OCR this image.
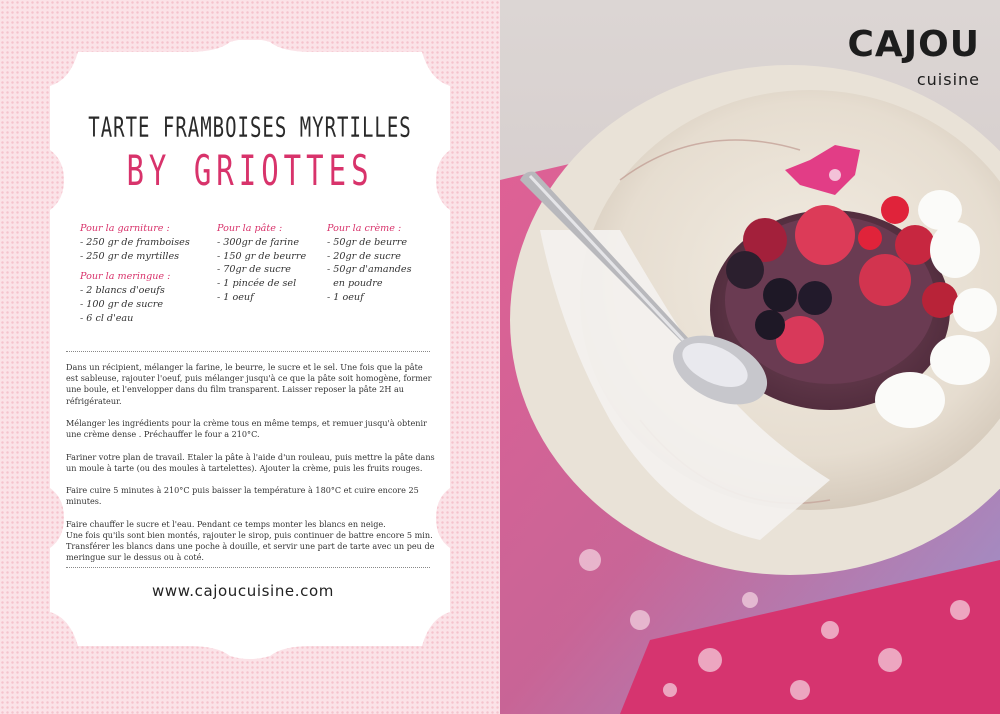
TARTE FRAMBOISES MYRTILLES
BY GRIOTTES
Pour la garniture :
- 250 gr de framboises
- 250 gr de myrtilles
Pour la meringue :
- 2 blancs d'oeufs
- 100 gr de sucre
- 6 cl d'eau
Pour la pâte :
- 300gr de farine
- 150 gr de beurre
- 70gr de sucre
- 1 pincée de sel
- 1 oeuf
Pour la crème :
- 50gr de beurre
- 20gr de sucre
- 50gr d'amandes
en poudre
- 1 oeuf

Dans un récipient, mélanger la farine, le beurre, le sucre et le sel. Une fois que la pâte est sableuse, rajouter l'oeuf, puis mélanger jusqu'à ce que la pâte soit homogène, former une boule, et l'envelopper dans du film transparent. Laisser reposer la pâte 2H au réfrigérateur.

Mélanger les ingrédients pour la crème tous en même temps, et remuer jusqu'à obtenir une crème dense . Préchauffer le four a 210°C.

Fariner votre plan de travail. Etaler la pâte à l'aide d'un rouleau, puis mettre la pâte dans un moule à tarte (ou des moules à tartelettes). Ajouter la crème, puis les fruits rouges.

Faire cuire 5 minutes à 210°C puis baisser la température à 180°C et cuire encore 25 minutes.

Faire chauffer le sucre et l'eau. Pendant ce temps monter les blancs en neige.
Une fois qu'ils sont bien montés, rajouter le sirop, puis continuer de battre encore 5 min.
Transférer les blancs dans une poche à douille, et servir une part de tarte avec un peu de meringue sur le dessus ou à coté.

www.cajoucuisine.com
CAJOU
cuisine
